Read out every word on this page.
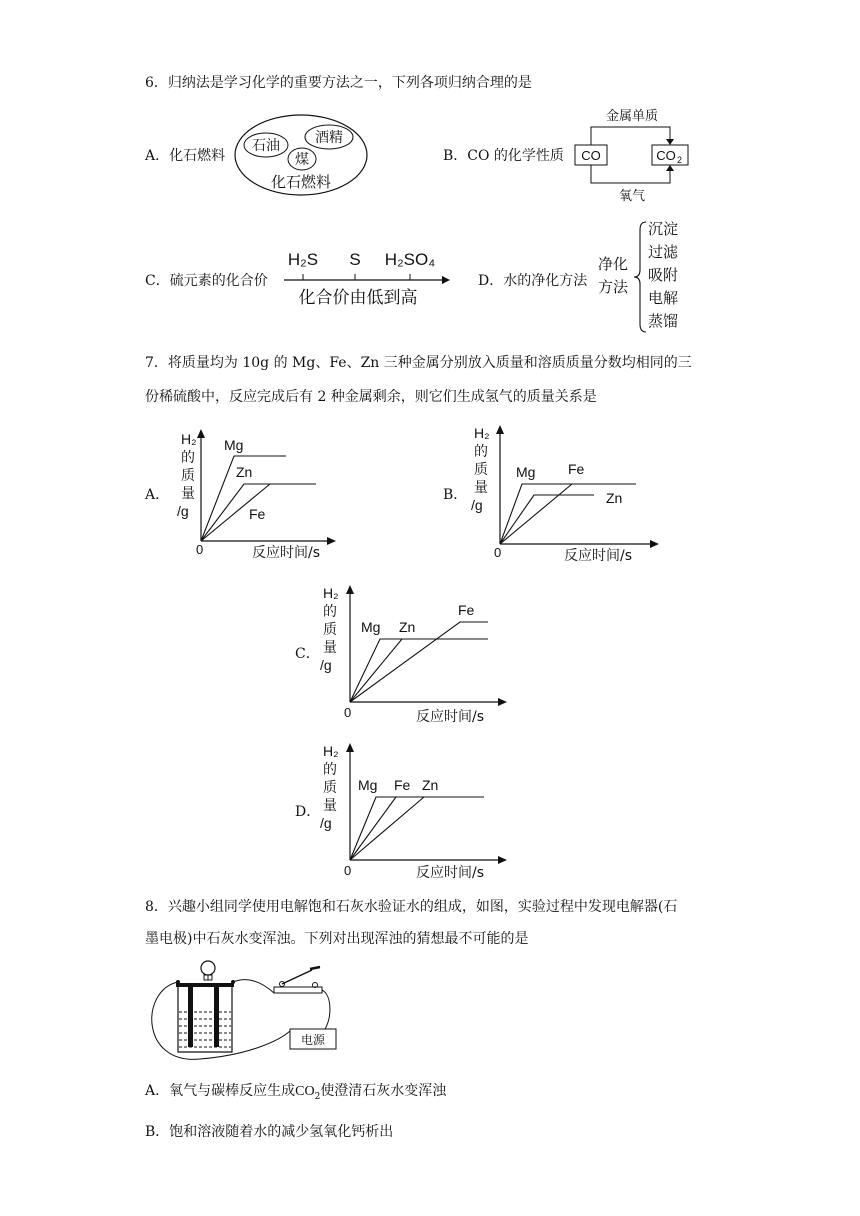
6．归纳法是学习化学的重要方法之一，下列各项归纳合理的是
A．化石燃料
石油	酒精
煤
化石燃料
B．CO 的化学性质
金属单质
氧气
CO	CO 2
C．硫元素的化合价
H₂S S H₂SO₄
化合价由低到高
D．水的净化方法
净化
方法
沉淀
过滤
吸附
电解
蒸馏
7．将质量均为 10g 的 Mg、Fe、Zn 三种金属分别放入质量和溶质质量分数均相同的三
份稀硫酸中，反应完成后有 2 种金属剩余，则它们生成氢气的质量关系是
A．
H₂
的
质
量
/g
0	反应时间/s
Mg
Zn
Fe
B．
H₂
的
质
量
/g
0	反应时间/s
Mg Fe
Zn
C．
H₂
的
质
量
/g
0	反应时间/s
Mg Zn
Fe
D．
H₂
的
质
量
/g
0	反应时间/s
Mg Fe Zn
8．兴趣小组同学使用电解饱和石灰水验证水的组成，如图，实验过程中发现电解器(石
墨电极)中石灰水变浑浊。下列对出现浑浊的猜想最不可能的是
电源
A．氧气与碳棒反应生成$CO_2$使澄清石灰水变浑浊
B．饱和溶液随着水的减少氢氧化钙析出
